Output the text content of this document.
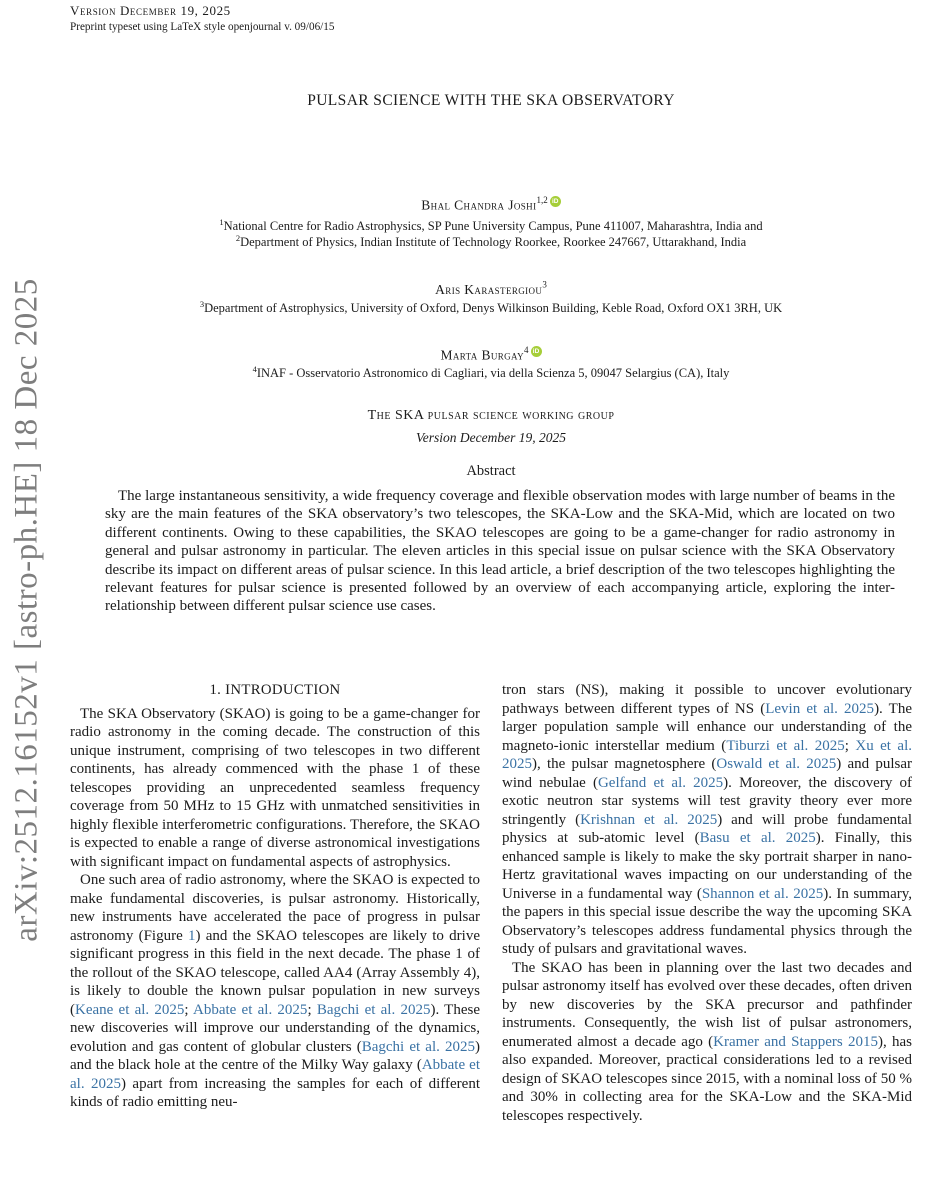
arXiv:2512.16152v1 [astro-ph.HE] 18 Dec 2025
Version December 19, 2025
Preprint typeset using LaTeX style openjournal v. 09/06/15
PULSAR SCIENCE WITH THE SKA OBSERVATORY
Bhal Chandra Joshi$^{1,2}$ iD
$^1$National Centre for Radio Astrophysics, SP Pune University Campus, Pune 411007, Maharashtra, India and
$^2$Department of Physics, Indian Institute of Technology Roorkee, Roorkee 247667, Uttarakhand, India
Aris Karastergiou$^3$
$^3$Department of Astrophysics, University of Oxford, Denys Wilkinson Building, Keble Road, Oxford OX1 3RH, UK
Marta Burgay$^4$ iD
$^4$INAF - Osservatorio Astronomico di Cagliari, via della Scienza 5, 09047 Selargius (CA), Italy
The SKA pulsar science working group
Version December 19, 2025
Abstract
The large instantaneous sensitivity, a wide frequency coverage and flexible observation modes with large number of beams in the sky are the main features of the SKA observatory’s two telescopes, the SKA-Low and the SKA-Mid, which are located on two different continents. Owing to these capabilities, the SKAO telescopes are going to be a game-changer for radio astronomy in general and pulsar astronomy in particular. The eleven articles in this special issue on pulsar science with the SKA Observatory describe its impact on different areas of pulsar science. In this lead article, a brief description of the two telescopes highlighting the relevant features for pulsar science is presented followed by an overview of each accompanying article, exploring the inter-relationship between different pulsar science use cases.
1. INTRODUCTION

The SKA Observatory (SKAO) is going to be a game-changer for radio astronomy in the coming decade. The construction of this unique instrument, comprising of two telescopes in two different continents, has already commenced with the phase 1 of these telescopes providing an unprecedented seamless frequency coverage from 50 MHz to 15 GHz with unmatched sensitivities in highly flexible interferometric configurations. Therefore, the SKAO is expected to enable a range of diverse astronomical investigations with significant impact on fundamental aspects of astrophysics.

One such area of radio astronomy, where the SKAO is expected to make fundamental discoveries, is pulsar astronomy. Historically, new instruments have accelerated the pace of progress in pulsar astronomy (Figure 1) and the SKAO telescopes are likely to drive significant progress in this field in the next decade. The phase 1 of the rollout of the SKAO telescope, called AA4 (Array Assembly 4), is likely to double the known pulsar population in new surveys (Keane et al. 2025; Abbate et al. 2025; Bagchi et al. 2025). These new discoveries will improve our understanding of the dynamics, evolution and gas content of globular clusters (Bagchi et al. 2025) and the black hole at the centre of the Milky Way galaxy (Abbate et al. 2025) apart from increasing the samples for each of different kinds of radio emitting neu-

tron stars (NS), making it possible to uncover evolutionary pathways between different types of NS (Levin et al. 2025). The larger population sample will enhance our understanding of the magneto-ionic interstellar medium (Tiburzi et al. 2025; Xu et al. 2025), the pulsar magnetosphere (Oswald et al. 2025) and pulsar wind nebulae (Gelfand et al. 2025). Moreover, the discovery of exotic neutron star systems will test gravity theory ever more stringently (Krishnan et al. 2025) and will probe fundamental physics at sub-atomic level (Basu et al. 2025). Finally, this enhanced sample is likely to make the sky portrait sharper in nano-Hertz gravitational waves impacting on our understanding of the Universe in a fundamental way (Shannon et al. 2025). In summary, the papers in this special issue describe the way the upcoming SKA Observatory’s telescopes address fundamental physics through the study of pulsars and gravitational waves.

The SKAO has been in planning over the last two decades and pulsar astronomy itself has evolved over these decades, often driven by new discoveries by the SKA precursor and pathfinder instruments. Consequently, the wish list of pulsar astronomers, enumerated almost a decade ago (Kramer and Stappers 2015), has also expanded. Moreover, practical considerations led to a revised design of SKAO telescopes since 2015, with a nominal loss of 50 % and 30% in collecting area for the SKA-Low and the SKA-Mid telescopes respectively.
